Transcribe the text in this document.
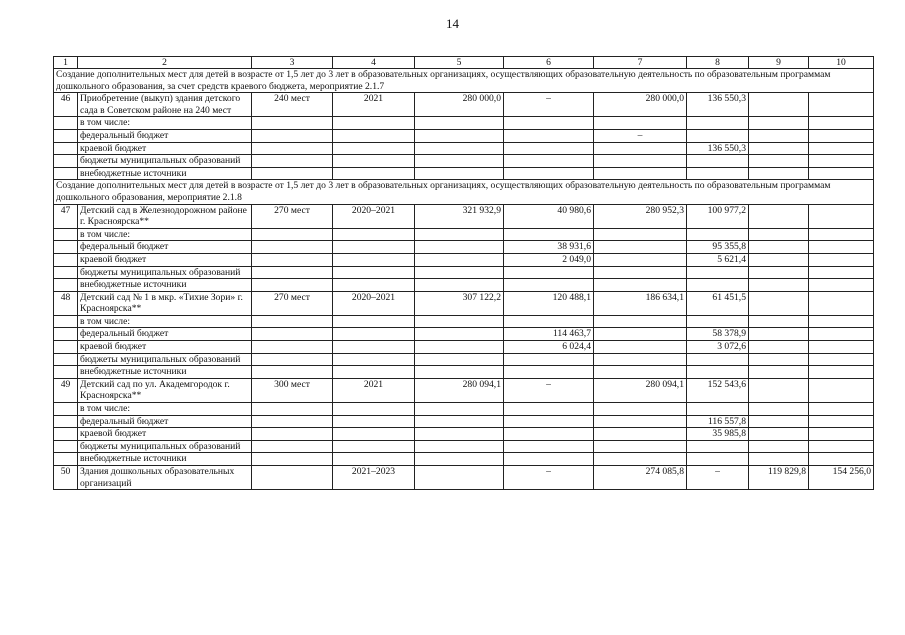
14
1	2	3	4	5	6	7	8	9	10
Создание дополнительных мест для детей в возрасте от 1,5 лет до 3 лет в образовательных организациях, осуществляющих образовательную деятельность по образовательным программам дошкольного образования, за счет средств краевого бюджета, мероприятие 2.1.7									
46	Приобретение (выкуп) здания детского сада в Советском районе на 240 мест	240 мест	2021	280 000,0	–	280 000,0	136 550,3		
	в том числе:								
	федеральный бюджет					–			
	краевой бюджет						136 550,3		
	бюджеты муниципальных образований								
	внебюджетные источники								
Создание дополнительных мест для детей в возрасте от 1,5 лет до 3 лет в образовательных организациях, осуществляющих образовательную деятельность по образовательным программам дошкольного образования, мероприятие 2.1.8									
47	Детский сад в Железнодорожном районе г. Красноярска**	270 мест	2020–2021	321 932,9	40 980,6	280 952,3	100 977,2		
	в том числе:								
	федеральный бюджет				38 931,6		95 355,8		
	краевой бюджет				2 049,0		5 621,4		
	бюджеты муниципальных образований								
	внебюджетные источники								
48	Детский сад № 1 в мкр. «Тихие Зори» г. Красноярска**	270 мест	2020–2021	307 122,2	120 488,1	186 634,1	61 451,5		
	в том числе:								
	федеральный бюджет				114 463,7		58 378,9		
	краевой бюджет				6 024,4		3 072,6		
	бюджеты муниципальных образований								
	внебюджетные источники								
49	Детский сад по ул. Академгородок г. Красноярска**	300 мест	2021	280 094,1	–	280 094,1	152 543,6		
	в том числе:								
	федеральный бюджет						116 557,8		
	краевой бюджет						35 985,8		
	бюджеты муниципальных образований								
	внебюджетные источники								
50	Здания дошкольных образовательных организаций		2021–2023		–	274 085,8	–	119 829,8	154 256,0
